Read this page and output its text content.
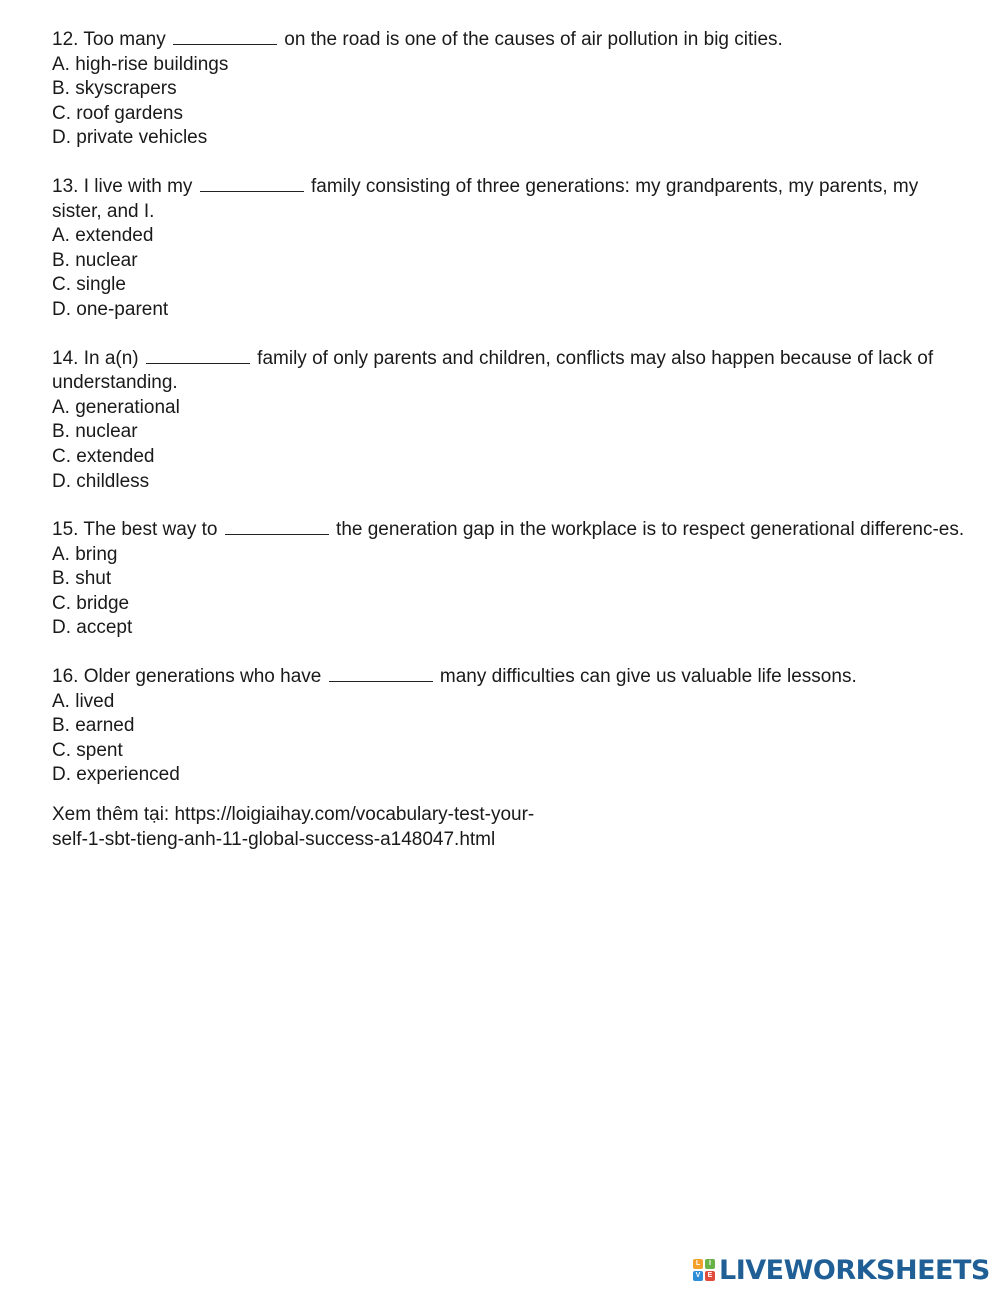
12. Too many	on the road is one of the causes of air pollution in big cities.
A. high-rise buildings
B. skyscrapers
C. roof gardens
D. private vehicles
13. I live with my	family consisting of three generations: my grandparents, my parents, my sister, and I.
A. extended
B. nuclear
C. single
D. one-parent
14. In a(n)	family of only parents and children, conflicts may also happen because of lack of understanding.
A. generational
B. nuclear
C. extended
D. childless
15. The best way to	the generation gap in the workplace is to respect generational differenc-es.
A. bring
B. shut
C. bridge
D. accept
16. Older generations who have	many difficulties can give us valuable life lessons.
A. lived
B. earned
C. spent
D. experienced
Xem thêm tại: https://loigiaihay.com/vocabulary-test-your-
self-1-sbt-tieng-anh-11-global-success-a148047.html
L	I
V	E LIVEWORKSHEETS
